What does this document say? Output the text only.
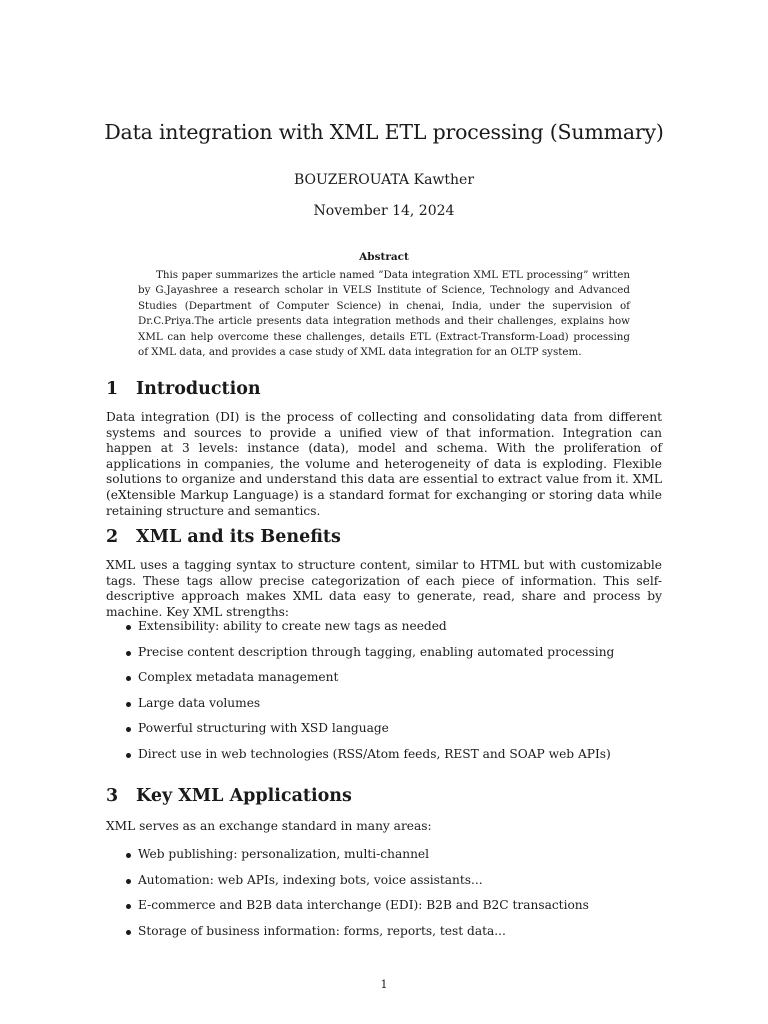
Data integration with XML ETL processing (Summary)
BOUZEROUATA Kawther
November 14, 2024
Abstract

This paper summarizes the article named ”Data integration XML ETL processing” written by G.Jayashree a research scholar in VELS Institute of Science, Technology and Advanced Studies (Department of Computer Science) in chenai, India, under the supervision of Dr.C.Priya.The article presents data integration methods and their challenges, explains how XML can help overcome these challenges, details ETL (Extract-Transform-Load) processing of XML data, and provides a case study of XML data integration for an OLTP system.

1 Introduction

Data integration (DI) is the process of collecting and consolidating data from different systems and sources to provide a unified view of that information. Integration can happen at 3 levels: instance (data), model and schema. With the proliferation of applications in companies, the volume and heterogeneity of data is exploding. Flexible solutions to organize and understand this data are essential to extract value from it. XML (eXtensible Markup Language) is a standard format for exchanging or storing data while retaining structure and semantics.

2 XML and its Benefits

XML uses a tagging syntax to structure content, similar to HTML but with customizable tags. These tags allow precise categorization of each piece of information. This self-descriptive approach makes XML data easy to generate, read, share and process by machine. Key XML strengths:

Extensibility: ability to create new tags as needed
Precise content description through tagging, enabling automated processing
Complex metadata management
Large data volumes
Powerful structuring with XSD language
Direct use in web technologies (RSS/Atom feeds, REST and SOAP web APIs)
3 Key XML Applications

XML serves as an exchange standard in many areas:

Web publishing: personalization, multi-channel
Automation: web APIs, indexing bots, voice assistants...
E-commerce and B2B data interchange (EDI): B2B and B2C transactions
Storage of business information: forms, reports, test data...
1
